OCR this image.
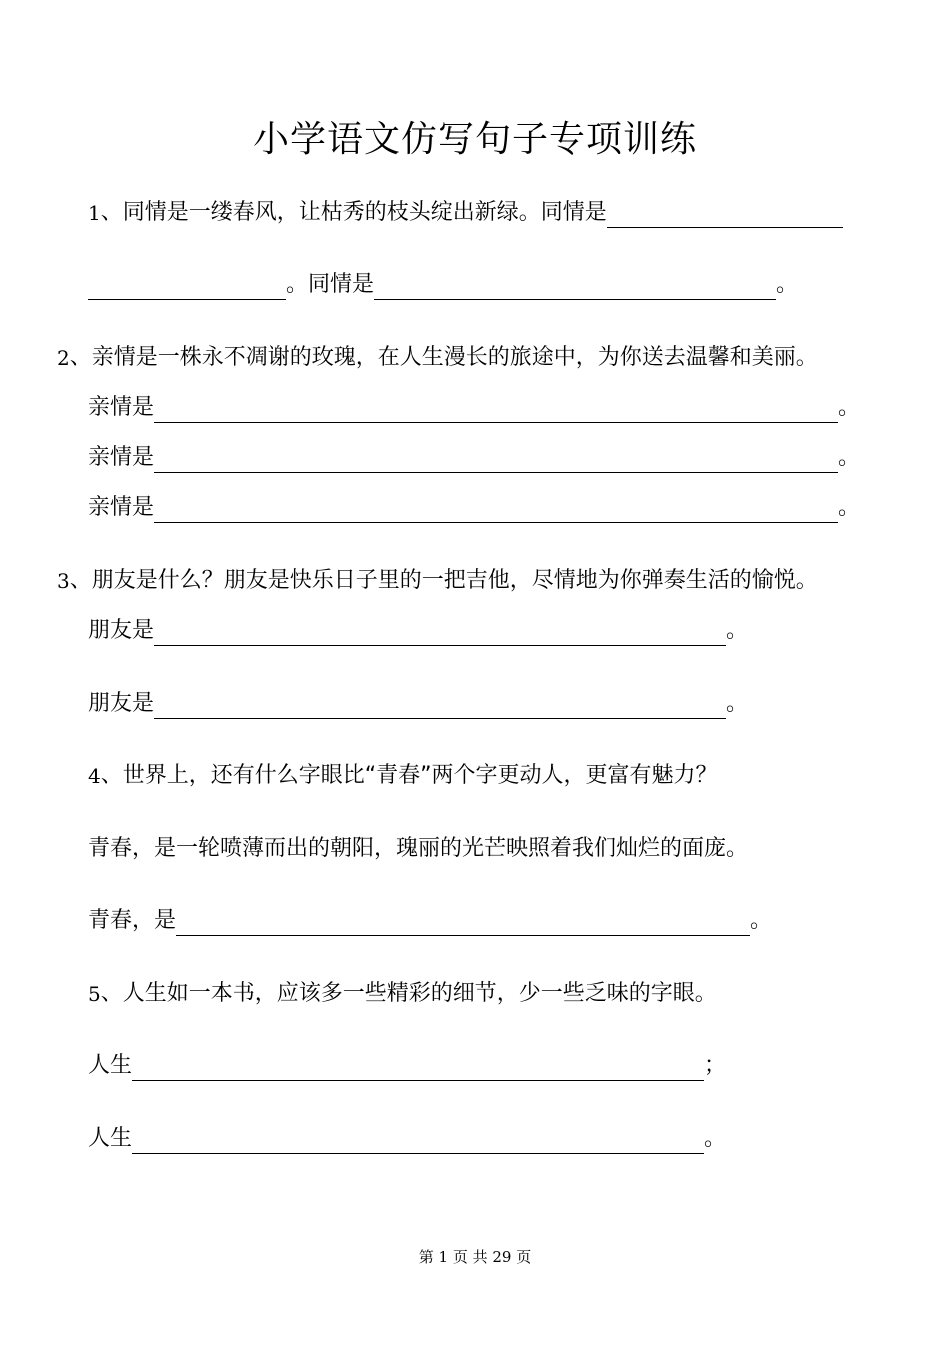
小学语文仿写句子专项训练
1 、 同情是一缕春风，让枯秀的枝头绽出新绿。同情是
。同情是	。
2 、 亲情是一株永不凋谢的玫瑰，在人生漫长的旅途中，为你送去温馨和美丽。
亲情是	。
亲情是	。
亲情是	。
3 、 朋友是什么？朋友是快乐日子里的一把吉他，尽情地为你弹奏生活的愉悦。
朋友是	。
朋友是	。
4 、 世界上，还有什么字眼比“青春”两个字更动人，更富有魅力？
青春，是一轮喷薄而出的朝阳，瑰丽的光芒映照着我们灿烂的面庞。
青春，是	。
5 、 人生如一本书，应该多一些精彩的细节，少一些乏味的字眼。
人生	；
人生	。
第 1 页 共 29 页
